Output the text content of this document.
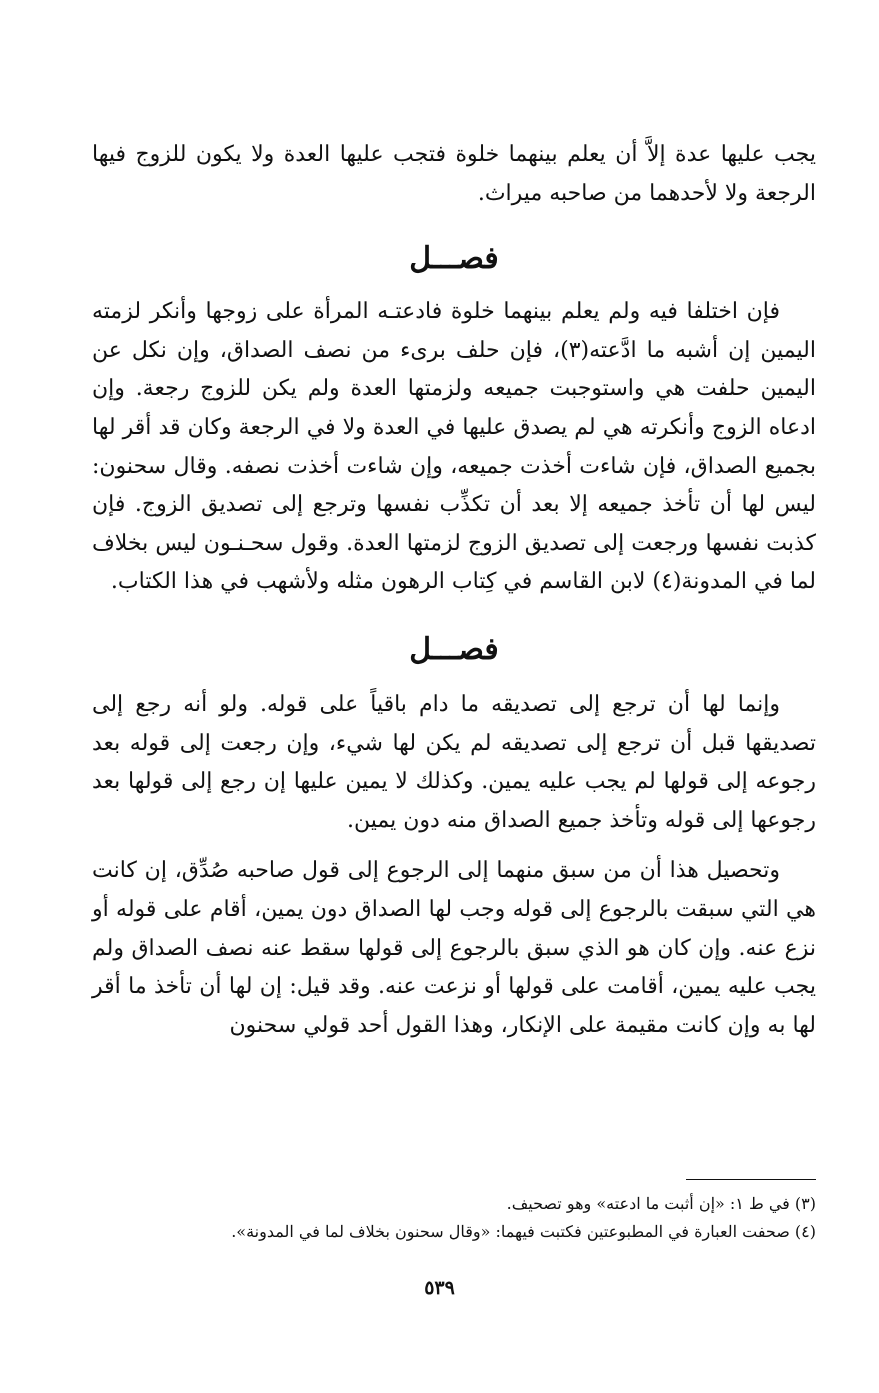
يجب عليها عدة إلاَّ أن يعلم بينهما خلوة فتجب عليها العدة ولا يكون للزوج فيها الرجعة ولا لأحدهما من صاحبه ميراث.

فصـــل

فإن اختلفا فيه ولم يعلم بينهما خلوة فادعتـه المرأة على زوجها وأنكر لزمته اليمين إن أشبه ما ادَّعته(٣)، فإن حلف برىء من نصف الصداق، وإن نكل عن اليمين حلفت هي واستوجبت جميعه ولزمتها العدة ولم يكن للزوج رجعة. وإن ادعاه الزوج وأنكرته هي لم يصدق عليها في العدة ولا في الرجعة وكان قد أقر لها بجميع الصداق، فإن شاءت أخذت جميعه، وإن شاءت أخذت نصفه. وقال سحنون: ليس لها أن تأخذ جميعه إلا بعد أن تكذِّب نفسها وترجع إلى تصديق الزوج. فإن كذبت نفسها ورجعت إلى تصديق الزوج لزمتها العدة. وقول سحـنـون ليس بخلاف لما في المدونة(٤) لابن القاسم في كِتاب الرهون مثله ولأشهب في هذا الكتاب.

فصـــل

وإنما لها أن ترجع إلى تصديقه ما دام باقياً على قوله. ولو أنه رجع إلى تصديقها قبل أن ترجع إلى تصديقه لم يكن لها شيء، وإن رجعت إلى قوله بعد رجوعه إلى قولها لم يجب عليه يمين. وكذلك لا يمين عليها إن رجع إلى قولها بعد رجوعها إلى قوله وتأخذ جميع الصداق منه دون يمين.

وتحصيل هذا أن من سبق منهما إلى الرجوع إلى قول صاحبه صُدِّق، إن كانت هي التي سبقت بالرجوع إلى قوله وجب لها الصداق دون يمين، أقام على قوله أو نزع عنه. وإن كان هو الذي سبق بالرجوع إلى قولها سقط عنه نصف الصداق ولم يجب عليه يمين، أقامت على قولها أو نزعت عنه. وقد قيل: إن لها أن تأخذ ما أقر لها به وإن كانت مقيمة على الإنكار، وهذا القول أحد قولي سحنون

(٣) في ط ١: «إن أثبت ما ادعته» وهو تصحيف.

(٤) صحفت العبارة في المطبوعتين فكتبت فيهما: «وقال سحنون بخلاف لما في المدونة».

٥٣٩
